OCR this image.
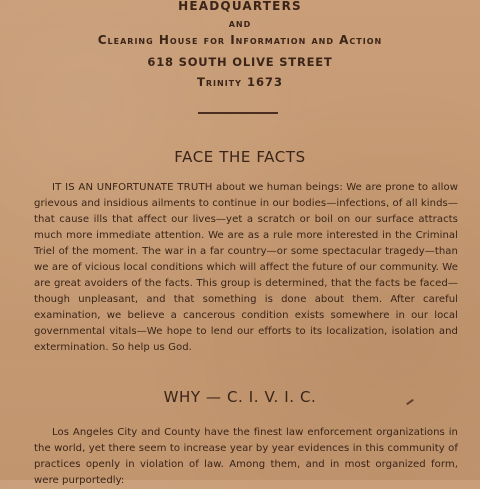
HEADQUARTERS
AND
Clearing House for Information and Action
618 SOUTH OLIVE STREET
Trinity 1673
FACE THE FACTS

IT IS AN UNFORTUNATE TRUTH about we human beings: We are prone to allow grievous and insidious ailments to continue in our bodies—infections, of all kinds—that cause ills that affect our lives—yet a scratch or boil on our surface attracts much more immediate attention. We are as a rule more interested in the Criminal Triel of the moment. The war in a far country—or some spectacular tragedy—than we are of vicious local conditions which will affect the future of our community. We are great avoiders of the facts. This group is determined, that the facts be faced—though unpleasant, and that something is done about them. After careful examination, we believe a cancerous condition exists somewhere in our local governmental vitals—We hope to lend our efforts to its localization, isolation and extermination. So help us God.

WHY — C. I. V. I. C.

Los Angeles City and County have the finest law enforcement organizations in the world, yet there seem to increase year by year evidences in this community of practices openly in violation of law. Among them, and in most organized form, were purportedly:
